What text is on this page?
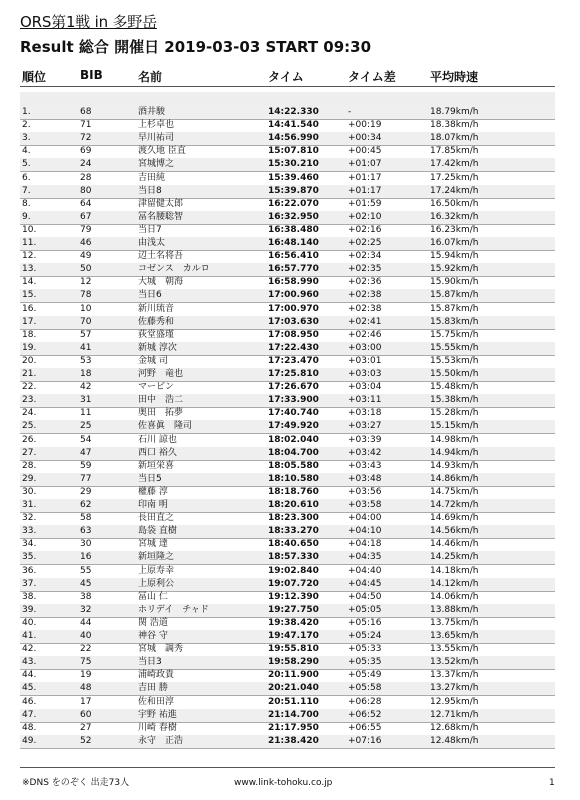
ORS第1戦 in 多野岳
Result 総合 開催日 2019-03-03 START 09:30
順位	BIB	名前	タイム	タイム差	平均時速
1.	68	酒井駿	14:22.330	-	18.79km/h
2.	71	上杉卓也	14:41.540	+00:19	18.38km/h
3.	72	早川祐司	14:56.990	+00:34	18.07km/h
4.	69	渡久地 臣直	15:07.810	+00:45	17.85km/h
5.	24	宮城博之	15:30.210	+01:07	17.42km/h
6.	28	吉田純	15:39.460	+01:17	17.25km/h
7.	80	当日8	15:39.870	+01:17	17.24km/h
8.	64	津留健太郎	16:22.070	+01:59	16.50km/h
9.	67	冨名腰聡智	16:32.950	+02:10	16.32km/h
10.	79	当日7	16:38.480	+02:16	16.23km/h
11.	46	由浅太	16:48.140	+02:25	16.07km/h
12.	49	辺土名将吾	16:56.410	+02:34	15.94km/h
13.	50	コゼンス　カルロ	16:57.770	+02:35	15.92km/h
14.	12	大城　朝海	16:58.990	+02:36	15.90km/h
15.	78	当日6	17:00.960	+02:38	15.87km/h
16.	10	新川琉音	17:00.970	+02:38	15.87km/h
17.	70	佐藤秀和	17:03.630	+02:41	15.83km/h
18.	57	荻堂盛瑾	17:08.950	+02:46	15.75km/h
19.	41	新城 淳次	17:22.430	+03:00	15.55km/h
20.	53	金城 司	17:23.470	+03:01	15.53km/h
21.	18	河野　竜也	17:25.810	+03:03	15.50km/h
22.	42	マービン	17:26.670	+03:04	15.48km/h
23.	31	田中　浩二	17:33.900	+03:11	15.38km/h
24.	11	奥田　拓夢	17:40.740	+03:18	15.28km/h
25.	25	佐喜眞　隆司	17:49.920	+03:27	15.15km/h
26.	54	石川 諒也	18:02.040	+03:39	14.98km/h
27.	47	西口 裕久	18:04.700	+03:42	14.94km/h
28.	59	新垣栄喜	18:05.580	+03:43	14.93km/h
29.	77	当日5	18:10.580	+03:48	14.86km/h
30.	29	權藤 淳	18:18.760	+03:56	14.75km/h
31.	62	印南 明	18:20.610	+03:58	14.72km/h
32.	58	長田直之	18:23.300	+04:00	14.69km/h
33.	63	島袋 直樹	18:33.270	+04:10	14.56km/h
34.	30	宮城 達	18:40.650	+04:18	14.46km/h
35.	16	新垣隆之	18:57.330	+04:35	14.25km/h
36.	55	上原寿幸	19:02.840	+04:40	14.18km/h
37.	45	上原利公	19:07.720	+04:45	14.12km/h
38.	38	冨山 仁	19:12.390	+04:50	14.06km/h
39.	32	ホリデイ　チャド	19:27.750	+05:05	13.88km/h
40.	44	関 浩道	19:38.420	+05:16	13.75km/h
41.	40	神谷 守	19:47.170	+05:24	13.65km/h
42.	22	宮城　調秀	19:55.810	+05:33	13.55km/h
43.	75	当日3	19:58.290	+05:35	13.52km/h
44.	19	浦崎政貴	20:11.900	+05:49	13.37km/h
45.	48	吉田 勝	20:21.040	+05:58	13.27km/h
46.	17	佐和田淳	20:51.110	+06:28	12.95km/h
47.	60	宇野 祐進	21:14.700	+06:52	12.71km/h
48.	27	川崎 春樹	21:17.950	+06:55	12.68km/h
49.	52	永守　正浩	21:38.420	+07:16	12.48km/h
※DNS をのぞく 出走73人	www.link-tohoku.co.jp	1
